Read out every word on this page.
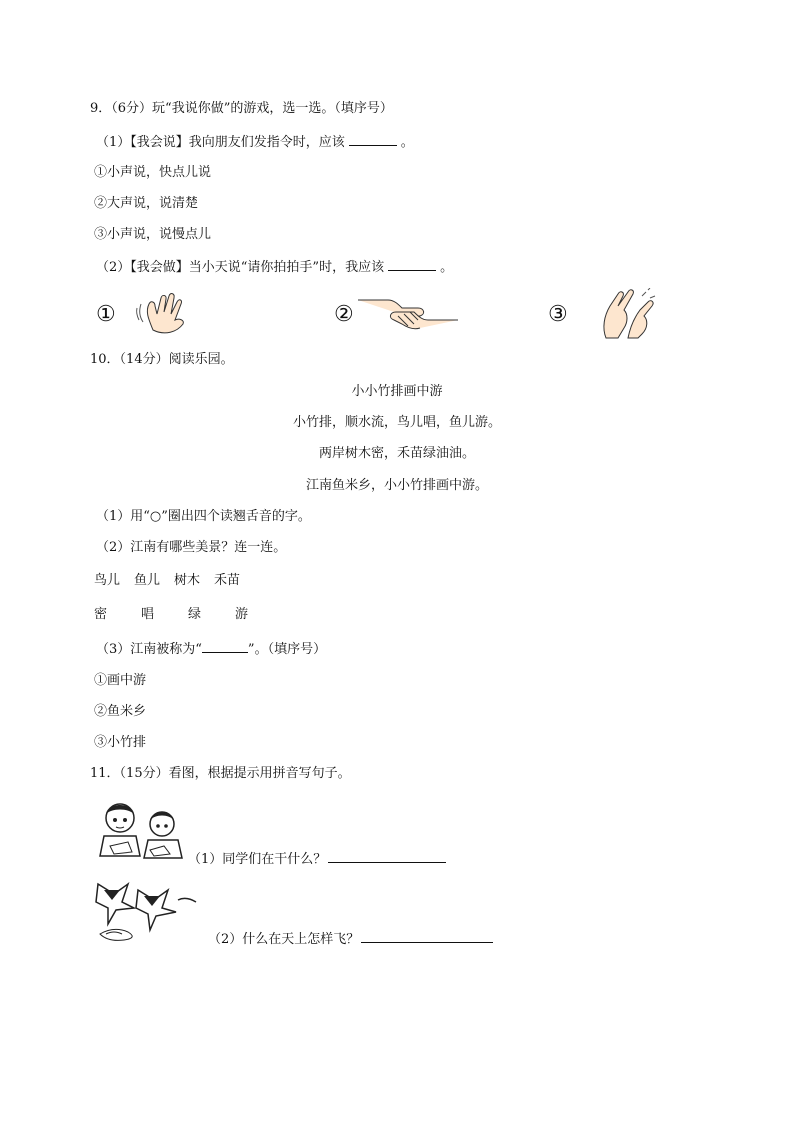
9．（6分）玩“我说你做”的游戏，选一选。（填序号）
（1）【我会说】我向朋友们发指令时，应该	。
①小声说，快点儿说
②大声说，说清楚
③小声说，说慢点儿
（2）【我会做】当小天说“请你拍拍手”时，我应该	。
①	②	③
10．（14分）阅读乐园。
小小竹排画中游
小竹排，顺水流，鸟儿唱，鱼儿游。
两岸树木密，禾苗绿油油。
江南鱼米乡，小小竹排画中游。
（1）用“○”圈出四个读翘舌音的字。
（2）江南有哪些美景？连一连。
鸟儿 鱼儿 树木 禾苗
密	唱	绿	游
（3）江南被称为“	”。（填序号）
①画中游
②鱼米乡
③小竹排
11．（15分）看图，根据提示用拼音写句子。
（1）同学们在干什么？
（2）什么在天上怎样飞？
